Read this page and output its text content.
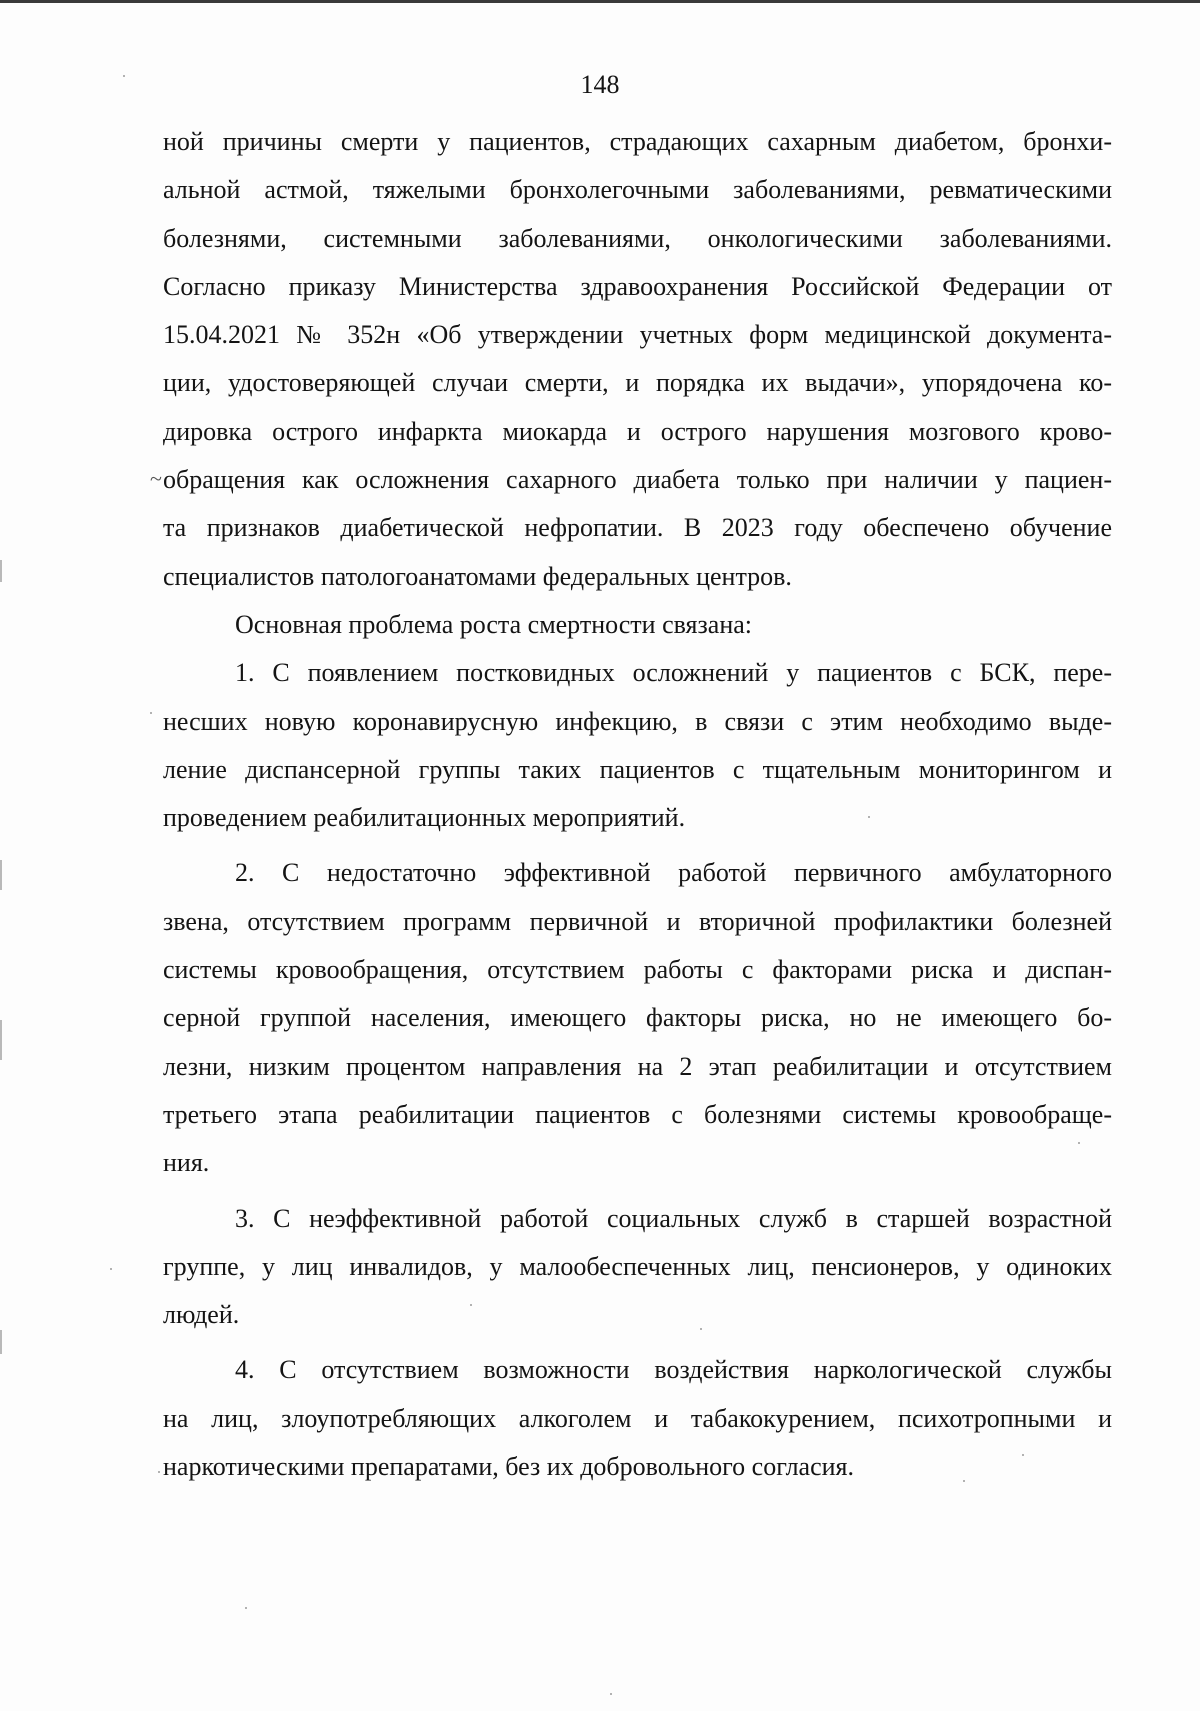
148
~
ной причины смерти у пациентов, страдающих сахарным диабетом, бронхи-
альной астмой, тяжелыми бронхолегочными заболеваниями, ревматическими
болезнями, системными заболеваниями, онкологическими заболеваниями.
Согласно приказу Министерства здравоохранения Российской Федерации от
15.04.2021 № 352н «Об утверждении учетных форм медицинской документа-
ции, удостоверяющей случаи смерти, и порядка их выдачи», упорядочена ко-
дировка острого инфаркта миокарда и острого нарушения мозгового крово-
обращения как осложнения сахарного диабета только при наличии у пациен-
та признаков диабетической нефропатии. В 2023 году обеспечено обучение
специалистов патологоанатомами федеральных центров.
Основная проблема роста смертности связана:
1. С появлением постковидных осложнений у пациентов с БСК, пере-
несших новую коронавирусную инфекцию, в связи с этим необходимо выде-
ление диспансерной группы таких пациентов с тщательным мониторингом и
проведением реабилитационных мероприятий.
2. С недостаточно эффективной работой первичного амбулаторного
звена, отсутствием программ первичной и вторичной профилактики болезней
системы кровообращения, отсутствием работы с факторами риска и диспан-
серной группой населения, имеющего факторы риска, но не имеющего бо-
лезни, низким процентом направления на 2 этап реабилитации и отсутствием
третьего этапа реабилитации пациентов с болезнями системы кровообраще-
ния.
3. С неэффективной работой социальных служб в старшей возрастной
группе, у лиц инвалидов, у малообеспеченных лиц, пенсионеров, у одиноких
людей.
4. С отсутствием возможности воздействия наркологической службы
на лиц, злоупотребляющих алкоголем и табакокурением, психотропными и
наркотическими препаратами, без их добровольного согласия.
